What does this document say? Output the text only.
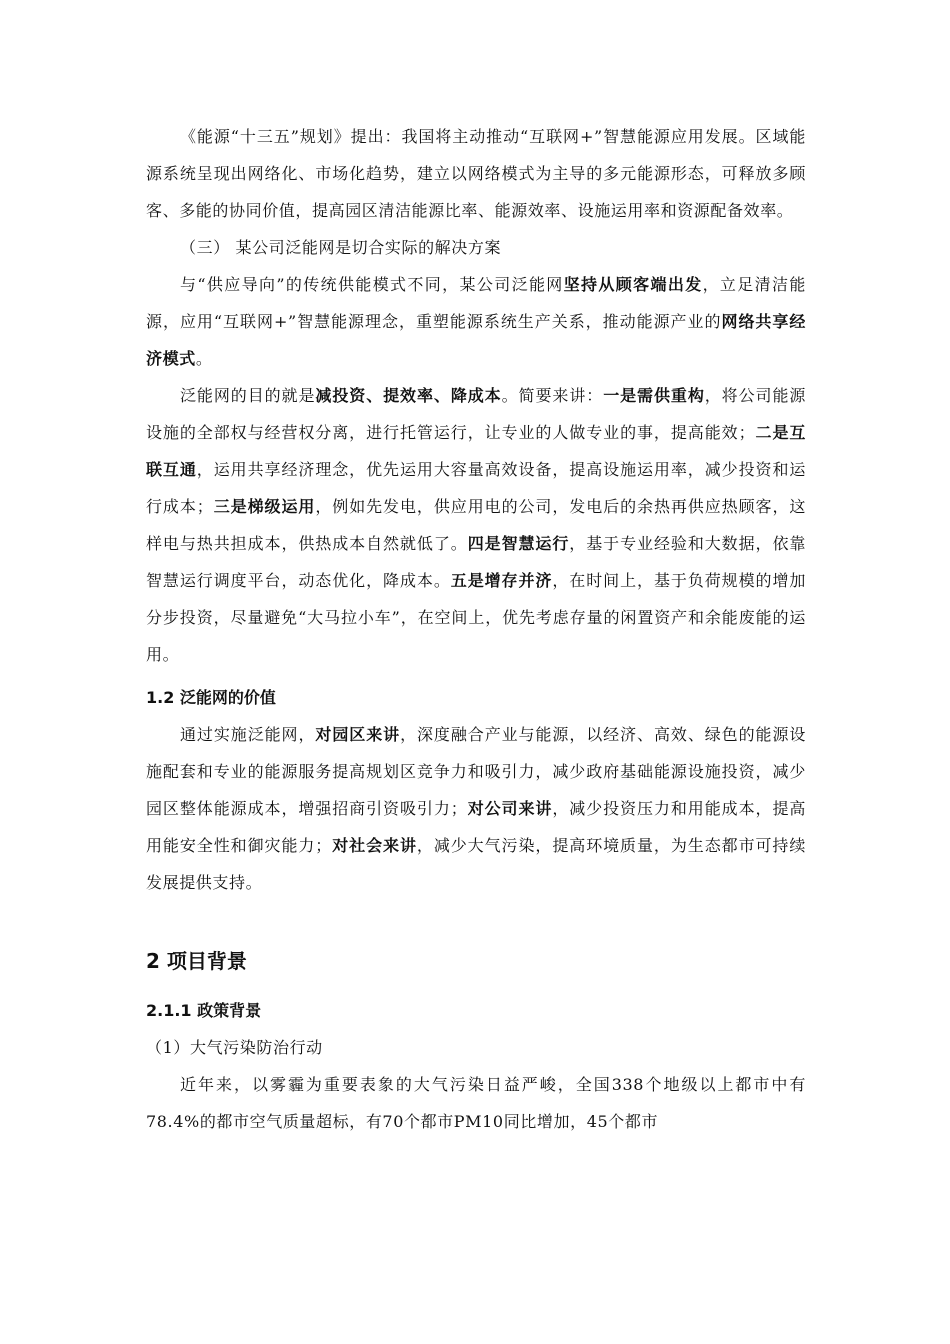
《能源“十三五”规划》提出：我国将主动推动“互联网+”智慧能源应用发展。区域能源系统呈现出网络化、市场化趋势，建立以网络模式为主导的多元能源形态，可释放多顾客、多能的协同价值，提高园区清洁能源比率、能源效率、设施运用率和资源配备效率。

（三） 某公司泛能网是切合实际的解决方案

与“供应导向”的传统供能模式不同，某公司泛能网坚持从顾客端出发，立足清洁能源，应用“互联网+”智慧能源理念，重塑能源系统生产关系，推动能源产业的网络共享经济模式。

泛能网的目的就是减投资、提效率、降成本。简要来讲：一是需供重构，将公司能源设施的全部权与经营权分离，进行托管运行，让专业的人做专业的事，提高能效；二是互联互通，运用共享经济理念，优先运用大容量高效设备，提高设施运用率，减少投资和运行成本；三是梯级运用，例如先发电，供应用电的公司，发电后的余热再供应热顾客，这样电与热共担成本，供热成本自然就低了。四是智慧运行，基于专业经验和大数据，依靠智慧运行调度平台，动态优化，降成本。五是增存并济，在时间上，基于负荷规模的增加分步投资，尽量避免“大马拉小车”，在空间上，优先考虑存量的闲置资产和余能废能的运用。

1.2 泛能网的价值

通过实施泛能网，对园区来讲，深度融合产业与能源，以经济、高效、绿色的能源设施配套和专业的能源服务提高规划区竞争力和吸引力，减少政府基础能源设施投资，减少园区整体能源成本，增强招商引资吸引力；对公司来讲，减少投资压力和用能成本，提高用能安全性和御灾能力；对社会来讲，减少大气污染，提高环境质量，为生态都市可持续发展提供支持。

2 项目背景

2.1.1 政策背景

（1）大气污染防治行动

近年来，以雾霾为重要表象的大气污染日益严峻，全国338个地级以上都市中有78.4%的都市空气质量超标，有70个都市PM10同比增加，45个都市
